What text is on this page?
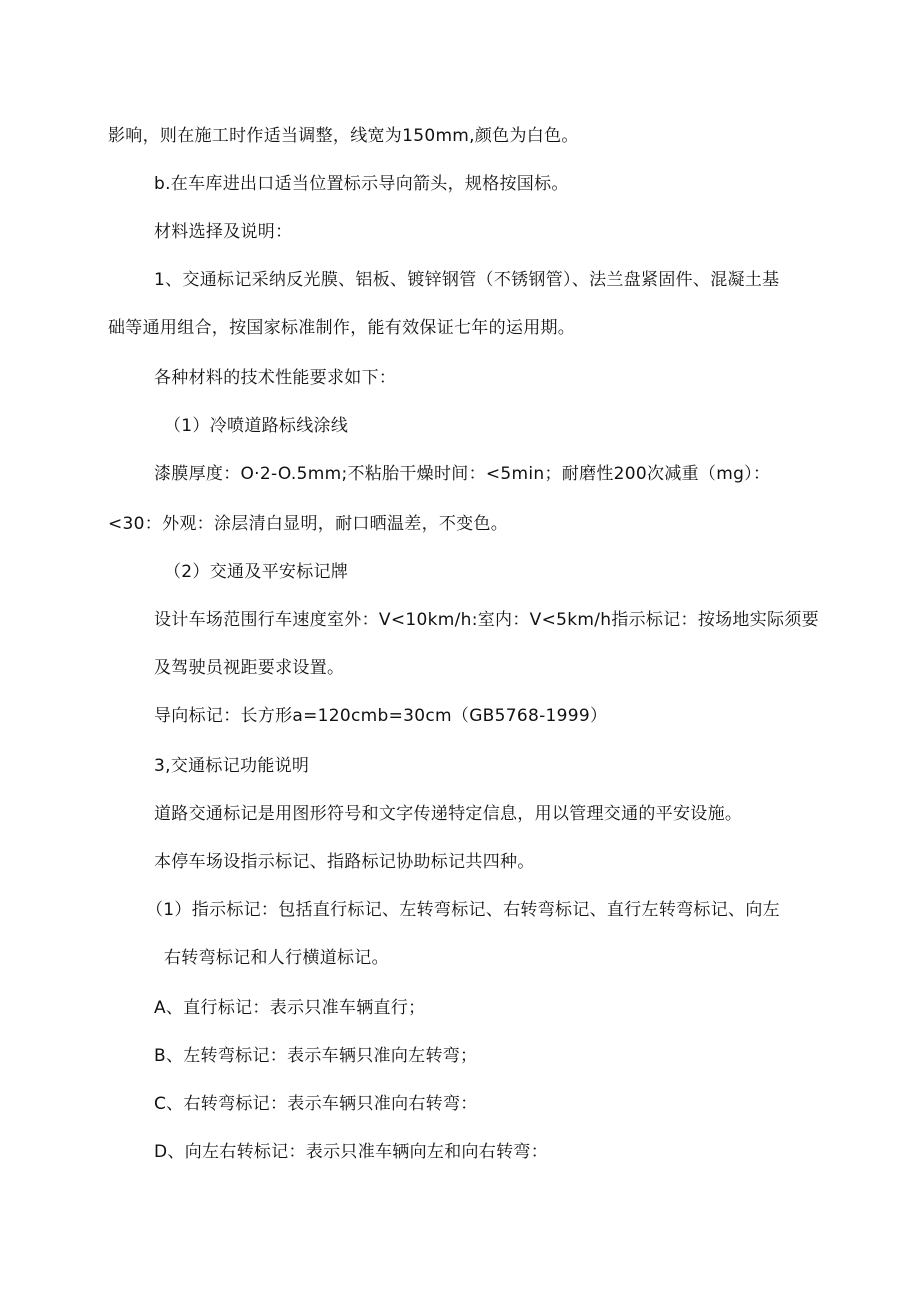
影响，则在施工时作适当调整，线宽为150mm,颜色为白色。
b.在车库进出口适当位置标示导向箭头，规格按国标。
材料选择及说明：
1、交通标记采纳反光膜、铝板、镀锌钢管（不锈钢管）、法兰盘紧固件、混凝土基
础等通用组合，按国家标准制作，能有效保证七年的运用期。
各种材料的技术性能要求如下：
（1）冷喷道路标线涂线
漆膜厚度：O·2-O.5mm;不粘胎干燥时间：<5min；耐磨性200次减重（mg）：
<30：外观：涂层清白显明，耐口晒温差，不变色。
（2）交通及平安标记牌
设计车场范围行车速度室外：V<10km∕h:室内：V<5km∕h指示标记：按场地实际须要
及驾驶员视距要求设置。
导向标记：长方形a=120cmb=30cm（GB5768-1999）
3,交通标记功能说明
道路交通标记是用图形符号和文字传递特定信息，用以管理交通的平安设施。
本停车场设指示标记、指路标记协助标记共四种。
（1）指示标记：包括直行标记、左转弯标记、右转弯标记、直行左转弯标记、向左
右转弯标记和人行横道标记。
A、直行标记：表示只准车辆直行；
B、左转弯标记：表示车辆只准向左转弯；
C、右转弯标记：表示车辆只准向右转弯：
D、向左右转标记：表示只准车辆向左和向右转弯：
